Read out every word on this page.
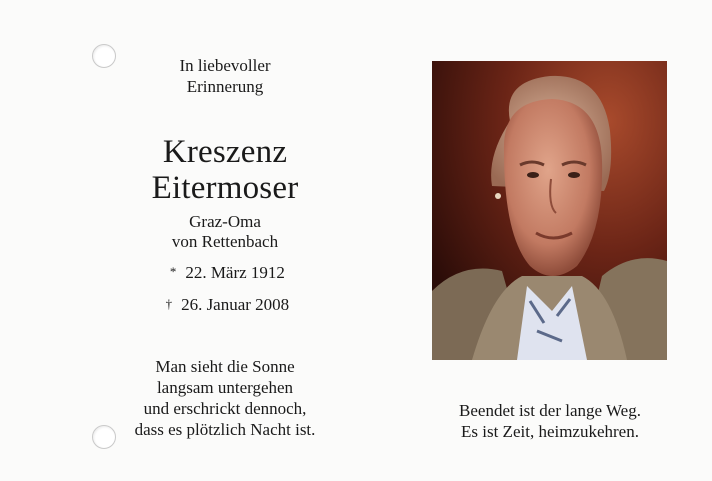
In liebevoller
Erinnerung
Kreszenz
Eitermoser
Graz-Oma
von Rettenbach
* 22. März 1912
† 26. Januar 2008
Man sieht die Sonne
langsam untergehen
und erschrickt dennoch,
dass es plötzlich Nacht ist.
Beendet ist der lange Weg.
Es ist Zeit, heimzukehren.
